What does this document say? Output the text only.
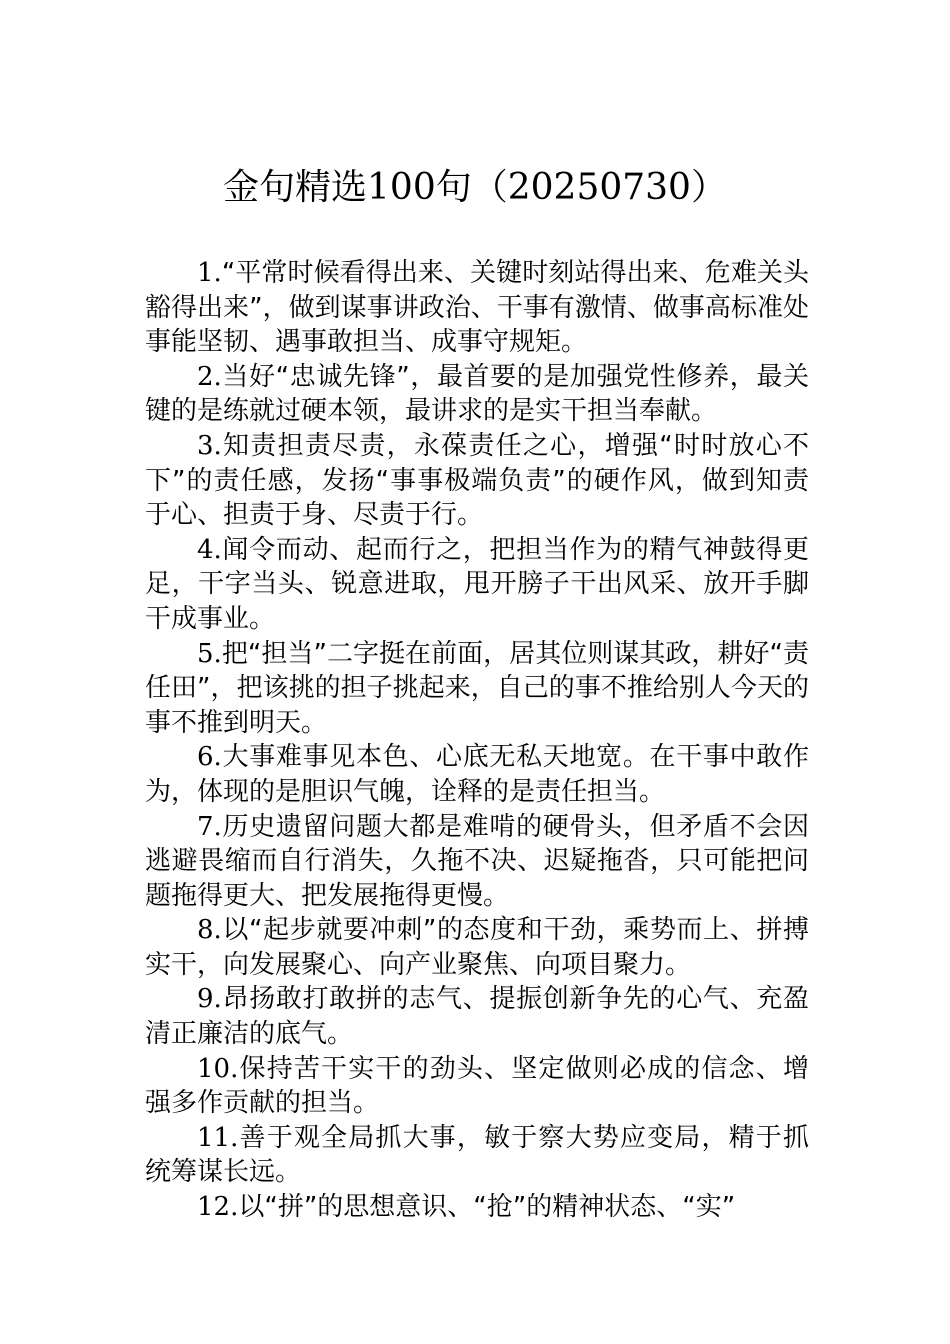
金句精选100句（20250730）

1.“平常时候看得出来、关键时刻站得出来、危难关头豁得出来”，做到谋事讲政治、干事有激情、做事高标准处事能坚韧、遇事敢担当、成事守规矩。

2.当好“忠诚先锋”，最首要的是加强党性修养，最关键的是练就过硬本领，最讲求的是实干担当奉献。

3.知责担责尽责，永葆责任之心，增强“时时放心不下”的责任感，发扬“事事极端负责”的硬作风，做到知责于心、担责于身、尽责于行。

4.闻令而动、起而行之，把担当作为的精气神鼓得更足，干字当头、锐意进取，甩开膀子干出风采、放开手脚干成事业。

5.把“担当”二字挺在前面，居其位则谋其政，耕好“责任田”，把该挑的担子挑起来，自己的事不推给别人今天的事不推到明天。

6.大事难事见本色、心底无私天地宽。在干事中敢作为，体现的是胆识气魄，诠释的是责任担当。

7.历史遗留问题大都是难啃的硬骨头，但矛盾不会因逃避畏缩而自行消失，久拖不决、迟疑拖沓，只可能把问题拖得更大、把发展拖得更慢。

8.以“起步就要冲刺”的态度和干劲，乘势而上、拼搏实干，向发展聚心、向产业聚焦、向项目聚力。

9.昂扬敢打敢拼的志气、提振创新争先的心气、充盈清正廉洁的底气。

10.保持苦干实干的劲头、坚定做则必成的信念、增强多作贡献的担当。

11.善于观全局抓大事，敏于察大势应变局，精于抓统筹谋长远。

12.以“拼”的思想意识、“抢”的精神状态、“实”
